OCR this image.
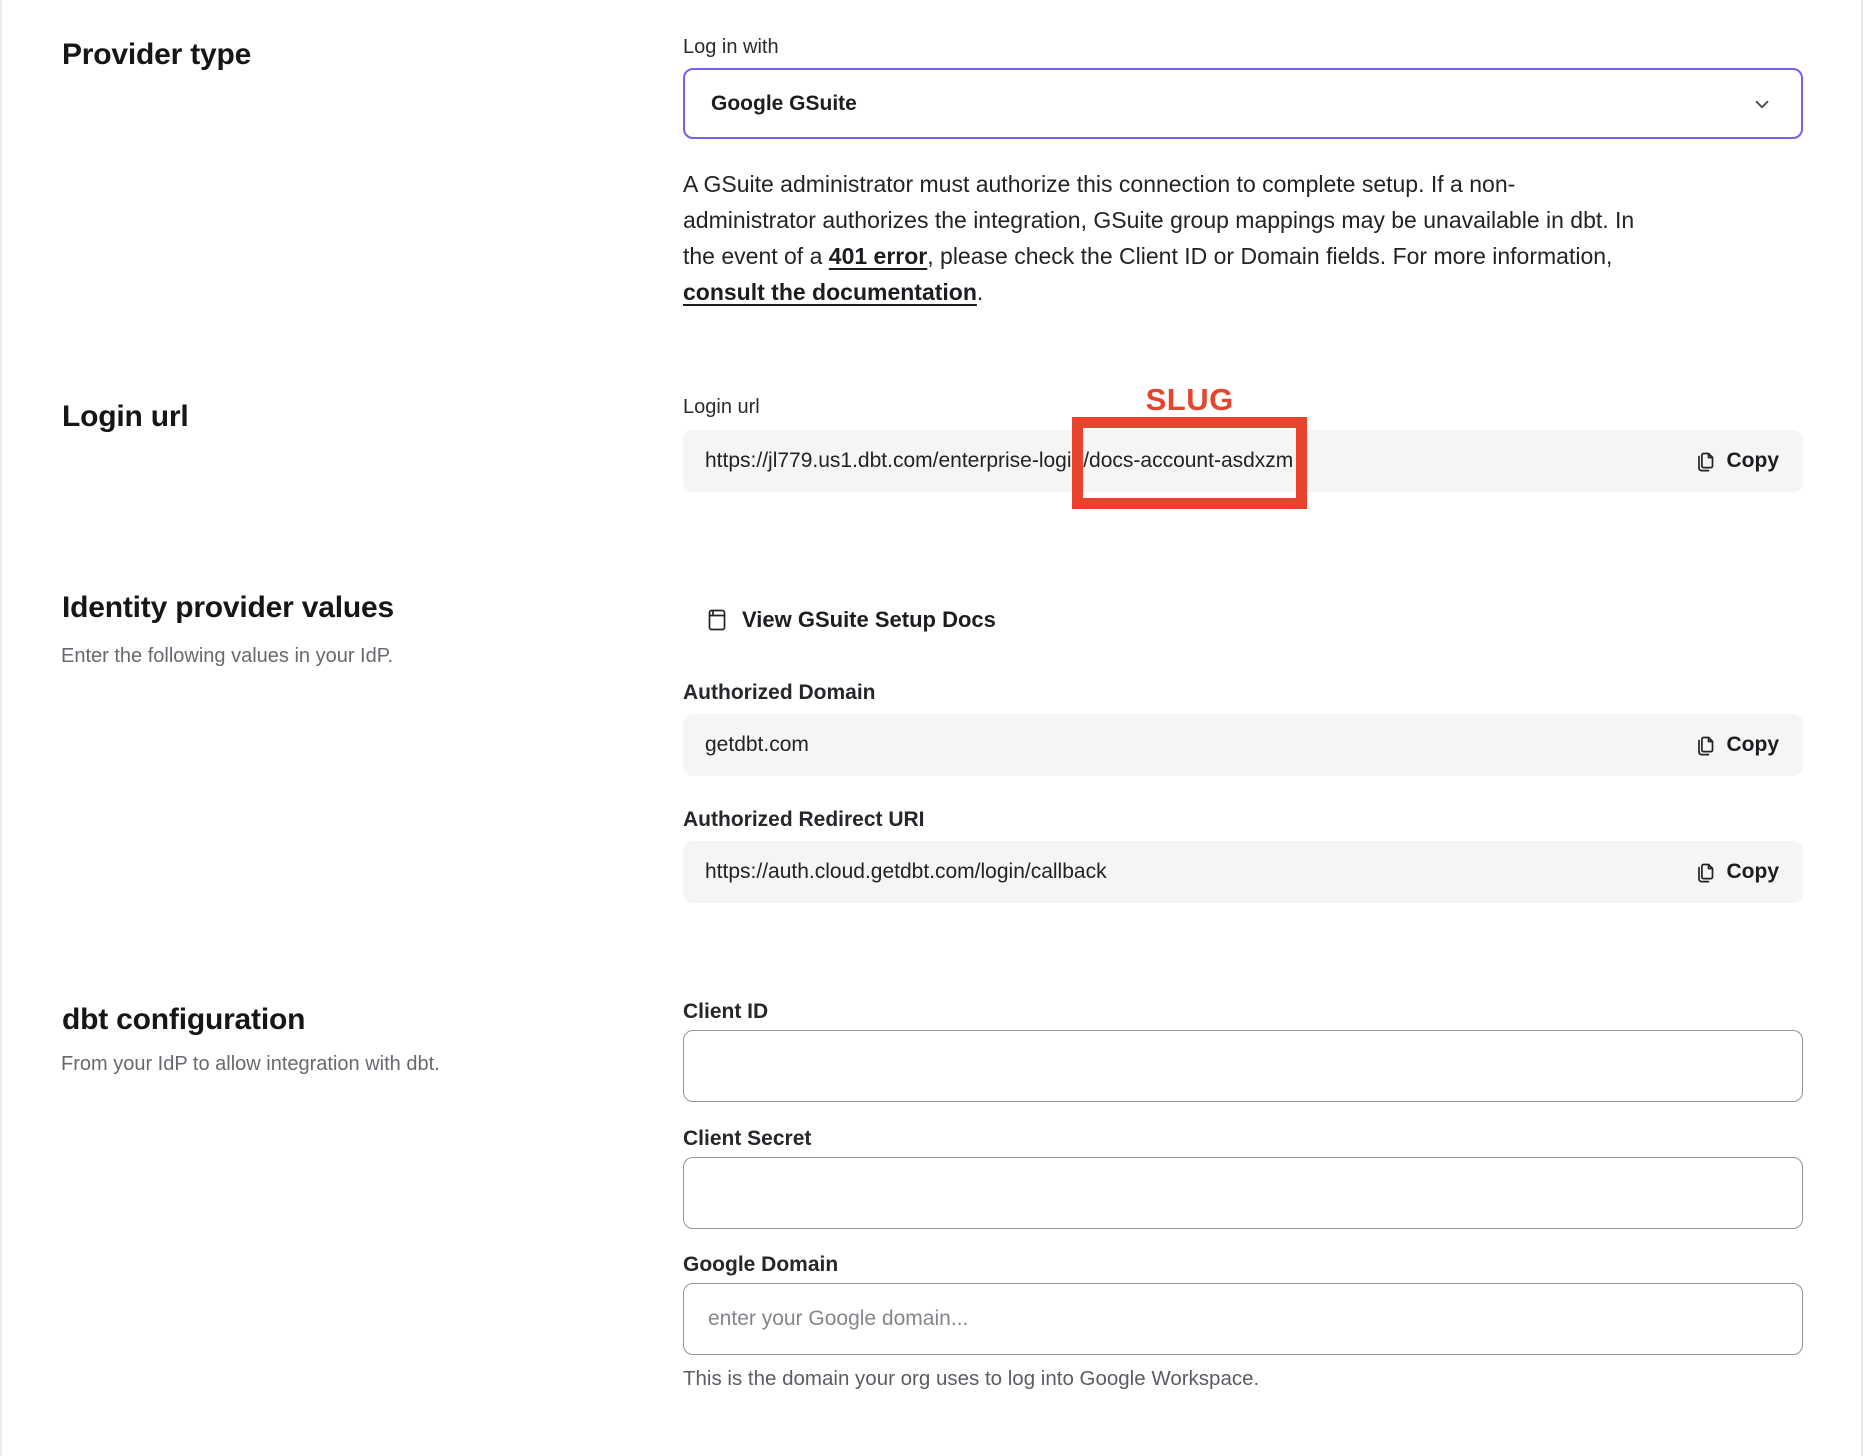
Provider type	Log in with
Google GSuite
A GSuite administrator must authorize this connection to complete setup. If a non-
administrator authorizes the integration, GSuite group mappings may be unavailable in dbt. In
the event of a 401 error, please check the Client ID or Domain fields. For more information,
consult the documentation.
Login url	Login url
https://jl779.us1.dbt.com/enterprise-login/docs-account-asdxzm
SLUG
Copy
Identity provider values
Enter the following values in your IdP.
View GSuite Setup Docs
Authorized Domain
getdbt.com	Copy
Authorized Redirect URI
https://auth.cloud.getdbt.com/login/callback	Copy
dbt configuration
From your IdP to allow integration with dbt.
Client ID
Client Secret
Google Domain
enter your Google domain...
This is the domain your org uses to log into Google Workspace.
